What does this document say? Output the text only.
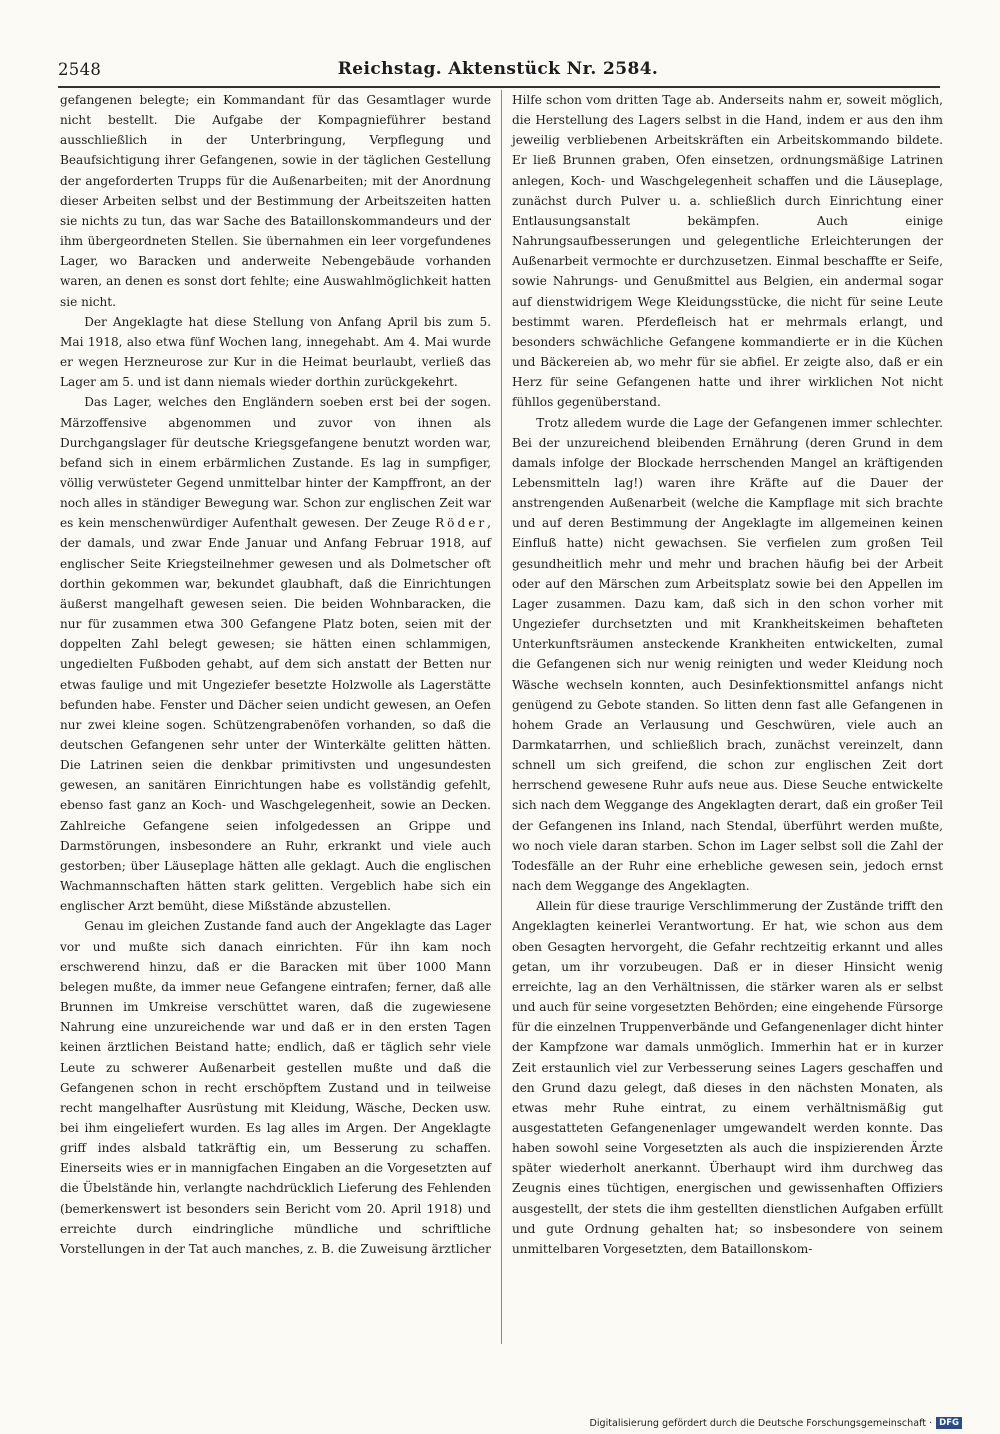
2548	Reichstag. Aktenstück Nr. 2584.

gefangenen belegte; ein Kommandant für das Gesamtlager wurde nicht bestellt. Die Aufgabe der Kompagnieführer bestand ausschließlich in der Unterbringung, Verpflegung und Beaufsichtigung ihrer Gefangenen, sowie in der täglichen Gestellung der angeforderten Trupps für die Außenarbeiten; mit der Anordnung dieser Arbeiten selbst und der Bestimmung der Arbeitszeiten hatten sie nichts zu tun, das war Sache des Bataillonskommandeurs und der ihm übergeordneten Stellen. Sie übernahmen ein leer vorgefundenes Lager, wo Baracken und anderweite Nebengebäude vorhanden waren, an denen es sonst dort fehlte; eine Auswahlmöglichkeit hatten sie nicht.

Der Angeklagte hat diese Stellung von Anfang April bis zum 5. Mai 1918, also etwa fünf Wochen lang, innegehabt. Am 4. Mai wurde er wegen Herzneurose zur Kur in die Heimat beurlaubt, verließ das Lager am 5. und ist dann niemals wieder dorthin zurückgekehrt.

Das Lager, welches den Engländern soeben erst bei der sogen. Märzoffensive abgenommen und zuvor von ihnen als Durchgangslager für deutsche Kriegsgefangene benutzt worden war, befand sich in einem erbärmlichen Zustande. Es lag in sumpfiger, völlig verwüsteter Gegend unmittelbar hinter der Kampffront, an der noch alles in ständiger Bewegung war. Schon zur englischen Zeit war es kein menschenwürdiger Aufenthalt gewesen. Der Zeuge Röder, der damals, und zwar Ende Januar und Anfang Februar 1918, auf englischer Seite Kriegsteilnehmer gewesen und als Dolmetscher oft dorthin gekommen war, bekundet glaubhaft, daß die Einrichtungen äußerst mangelhaft gewesen seien. Die beiden Wohnbaracken, die nur für zusammen etwa 300 Gefangene Platz boten, seien mit der doppelten Zahl belegt gewesen; sie hätten einen schlammigen, ungedielten Fußboden gehabt, auf dem sich anstatt der Betten nur etwas faulige und mit Ungeziefer besetzte Holzwolle als Lagerstätte befunden habe. Fenster und Dächer seien undicht gewesen, an Oefen nur zwei kleine sogen. Schützengrabenöfen vorhanden, so daß die deutschen Gefangenen sehr unter der Winterkälte gelitten hätten. Die Latrinen seien die denkbar primitivsten und ungesundesten gewesen, an sanitären Einrichtungen habe es vollständig gefehlt, ebenso fast ganz an Koch- und Waschgelegenheit, sowie an Decken. Zahlreiche Gefangene seien infolgedessen an Grippe und Darmstörungen, insbesondere an Ruhr, erkrankt und viele auch gestorben; über Läuseplage hätten alle geklagt. Auch die englischen Wachmannschaften hätten stark gelitten. Vergeblich habe sich ein englischer Arzt bemüht, diese Mißstände abzustellen.

Genau im gleichen Zustande fand auch der Angeklagte das Lager vor und mußte sich danach einrichten. Für ihn kam noch erschwerend hinzu, daß er die Baracken mit über 1000 Mann belegen mußte, da immer neue Gefangene eintrafen; ferner, daß alle Brunnen im Umkreise verschüttet waren, daß die zugewiesene Nahrung eine unzureichende war und daß er in den ersten Tagen keinen ärztlichen Beistand hatte; endlich, daß er täglich sehr viele Leute zu schwerer Außenarbeit gestellen mußte und daß die Gefangenen schon in recht erschöpftem Zustand und in teilweise recht mangelhafter Ausrüstung mit Kleidung, Wäsche, Decken usw. bei ihm eingeliefert wurden. Es lag alles im Argen. Der Angeklagte griff indes alsbald tatkräftig ein, um Besserung zu schaffen. Einerseits wies er in mannigfachen Eingaben an die Vorgesetzten auf die Übelstände hin, verlangte nachdrücklich Lieferung des Fehlenden (bemerkenswert ist besonders sein Bericht vom 20. April 1918) und erreichte durch eindringliche mündliche und schriftliche Vorstellungen in der Tat auch manches, z. B. die Zuweisung ärztlicher

Hilfe schon vom dritten Tage ab. Anderseits nahm er, soweit möglich, die Herstellung des Lagers selbst in die Hand, indem er aus den ihm jeweilig verbliebenen Arbeitskräften ein Arbeitskommando bildete. Er ließ Brunnen graben, Ofen einsetzen, ordnungsmäßige Latrinen anlegen, Koch- und Waschgelegenheit schaffen und die Läuseplage, zunächst durch Pulver u. a. schließlich durch Einrichtung einer Entlausungsanstalt bekämpfen. Auch einige Nahrungsaufbesserungen und gelegentliche Erleichterungen der Außenarbeit vermochte er durchzusetzen. Einmal beschaffte er Seife, sowie Nahrungs- und Genußmittel aus Belgien, ein andermal sogar auf dienstwidrigem Wege Kleidungsstücke, die nicht für seine Leute bestimmt waren. Pferdefleisch hat er mehrmals erlangt, und besonders schwächliche Gefangene kommandierte er in die Küchen und Bäckereien ab, wo mehr für sie abfiel. Er zeigte also, daß er ein Herz für seine Gefangenen hatte und ihrer wirklichen Not nicht fühllos gegenüberstand.

Trotz alledem wurde die Lage der Gefangenen immer schlechter. Bei der unzureichend bleibenden Ernährung (deren Grund in dem damals infolge der Blockade herrschenden Mangel an kräftigenden Lebensmitteln lag!) waren ihre Kräfte auf die Dauer der anstrengenden Außenarbeit (welche die Kampflage mit sich brachte und auf deren Bestimmung der Angeklagte im allgemeinen keinen Einfluß hatte) nicht gewachsen. Sie verfielen zum großen Teil gesundheitlich mehr und mehr und brachen häufig bei der Arbeit oder auf den Märschen zum Arbeitsplatz sowie bei den Appellen im Lager zusammen. Dazu kam, daß sich in den schon vorher mit Ungeziefer durchsetzten und mit Krankheitskeimen behafteten Unterkunftsräumen ansteckende Krankheiten entwickelten, zumal die Gefangenen sich nur wenig reinigten und weder Kleidung noch Wäsche wechseln konnten, auch Desinfektionsmittel anfangs nicht genügend zu Gebote standen. So litten denn fast alle Gefangenen in hohem Grade an Verlausung und Geschwüren, viele auch an Darmkatarrhen, und schließlich brach, zunächst vereinzelt, dann schnell um sich greifend, die schon zur englischen Zeit dort herrschend gewesene Ruhr aufs neue aus. Diese Seuche entwickelte sich nach dem Weggange des Angeklagten derart, daß ein großer Teil der Gefangenen ins Inland, nach Stendal, überführt werden mußte, wo noch viele daran starben. Schon im Lager selbst soll die Zahl der Todesfälle an der Ruhr eine erhebliche gewesen sein, jedoch ernst nach dem Weggange des Angeklagten.

Allein für diese traurige Verschlimmerung der Zustände trifft den Angeklagten keinerlei Verantwortung. Er hat, wie schon aus dem oben Gesagten hervorgeht, die Gefahr rechtzeitig erkannt und alles getan, um ihr vorzubeugen. Daß er in dieser Hinsicht wenig erreichte, lag an den Verhältnissen, die stärker waren als er selbst und auch für seine vorgesetzten Behörden; eine eingehende Fürsorge für die einzelnen Truppenverbände und Gefangenenlager dicht hinter der Kampfzone war damals unmöglich. Immerhin hat er in kurzer Zeit erstaunlich viel zur Verbesserung seines Lagers geschaffen und den Grund dazu gelegt, daß dieses in den nächsten Monaten, als etwas mehr Ruhe eintrat, zu einem verhältnismäßig gut ausgestatteten Gefangenenlager umgewandelt werden konnte. Das haben sowohl seine Vorgesetzten als auch die inspizierenden Ärzte später wiederholt anerkannt. Überhaupt wird ihm durchweg das Zeugnis eines tüchtigen, energischen und gewissenhaften Offiziers ausgestellt, der stets die ihm gestellten dienstlichen Aufgaben erfüllt und gute Ordnung gehalten hat; so insbesondere von seinem unmittelbaren Vorgesetzten, dem Bataillonskom-

Digitalisierung gefördert durch die Deutsche Forschungsgemeinschaft · DFG
